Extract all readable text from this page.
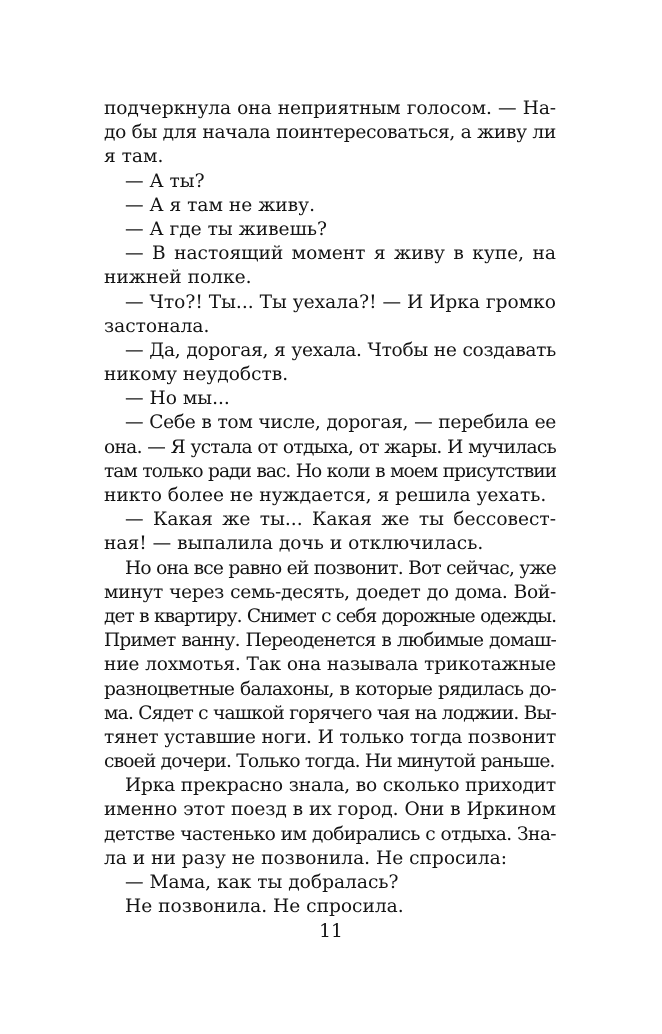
подчеркнула она неприятным голосом. — На-
до бы для начала поинтересоваться, а живу ли
я там.
— А ты?
— А я там не живу.
— А где ты живешь?
— В настоящий момент я живу в купе, на
нижней полке.
— Что?! Ты... Ты уехала?! — И Ирка громко
застонала.
— Да, дорогая, я уехала. Чтобы не создавать
никому неудобств.
— Но мы...
— Себе в том числе, дорогая, — перебила ее
она. — Я устала от отдыха, от жары. И мучилась
там только ради вас. Но коли в моем присутствии
никто более не нуждается, я решила уехать.
— Какая же ты... Какая же ты бессовест-
ная! — выпалила дочь и отключилась.
Но она все равно ей позвонит. Вот сейчас, уже
минут через семь-десять, доедет до дома. Вой-
дет в квартиру. Снимет с себя дорожные одежды.
Примет ванну. Переоденется в любимые домаш-
ние лохмотья. Так она называла трикотажные
разноцветные балахоны, в которые рядилась до-
ма. Сядет с чашкой горячего чая на лоджии. Вы-
тянет уставшие ноги. И только тогда позвонит
своей дочери. Только тогда. Ни минутой раньше.
Ирка прекрасно знала, во сколько приходит
именно этот поезд в их город. Они в Иркином
детстве частенько им добирались с отдыха. Зна-
ла и ни разу не позвонила. Не спросила:
— Мама, как ты добралась?
Не позвонила. Не спросила.
11
